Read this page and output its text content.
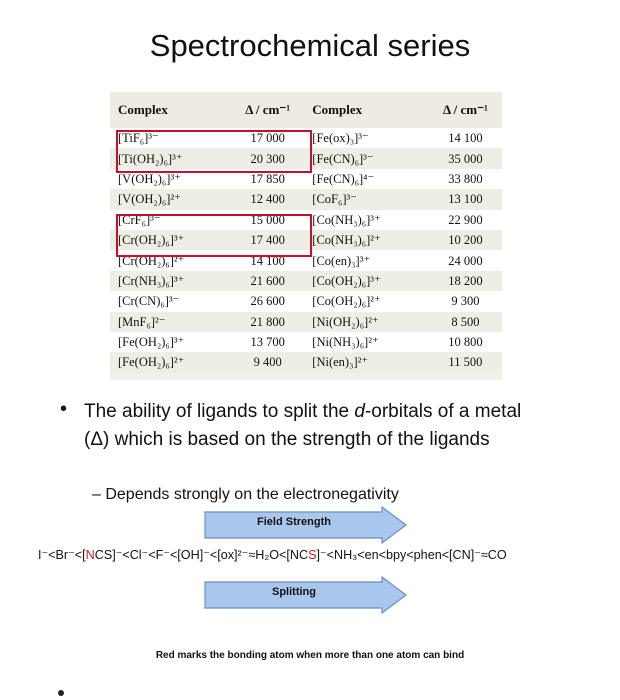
Spectrochemical series
Complex	Δ / cm⁻¹	Complex	Δ / cm⁻¹
[TiF₆]³⁻	17 000	[Fe(ox)₃]³⁻	14 100
[Ti(OH₂)₆]³⁺	20 300	[Fe(CN)₆]³⁻	35 000
[V(OH₂)₆]³⁺	17 850	[Fe(CN)₆]⁴⁻	33 800
[V(OH₂)₆]²⁺	12 400	[CoF₆]³⁻	13 100
[CrF₆]³⁻	15 000	[Co(NH₃)₆]³⁺	22 900
[Cr(OH₂)₆]³⁺	17 400	[Co(NH₃)₆]²⁺	10 200
[Cr(OH₂)₆]²⁺	14 100	[Co(en)₃]³⁺	24 000
[Cr(NH₃)₆]³⁺	21 600	[Co(OH₂)₆]³⁺	18 200
[Cr(CN)₆]³⁻	26 600	[Co(OH₂)₆]²⁺	9 300
[MnF₆]²⁻	21 800	[Ni(OH₂)₆]²⁺	8 500
[Fe(OH₂)₆]³⁺	13 700	[Ni(NH₃)₆]²⁺	10 800
[Fe(OH₂)₆]²⁺	9 400	[Ni(en)₃]²⁺	11 500
• The ability of ligands to split the d-orbitals of a metal (Δ) which is based on the strength of the ligands
– Depends strongly on the electronegativity
Field Strength
I⁻<Br⁻<[NCS]⁻<Cl⁻<F⁻<[OH]⁻<[ox]²⁻≈H₂O<[NCS]⁻<NH₃<en<bpy<phen<[CN]⁻≈CO
Splitting
Red marks the bonding atom when more than one atom can bind
